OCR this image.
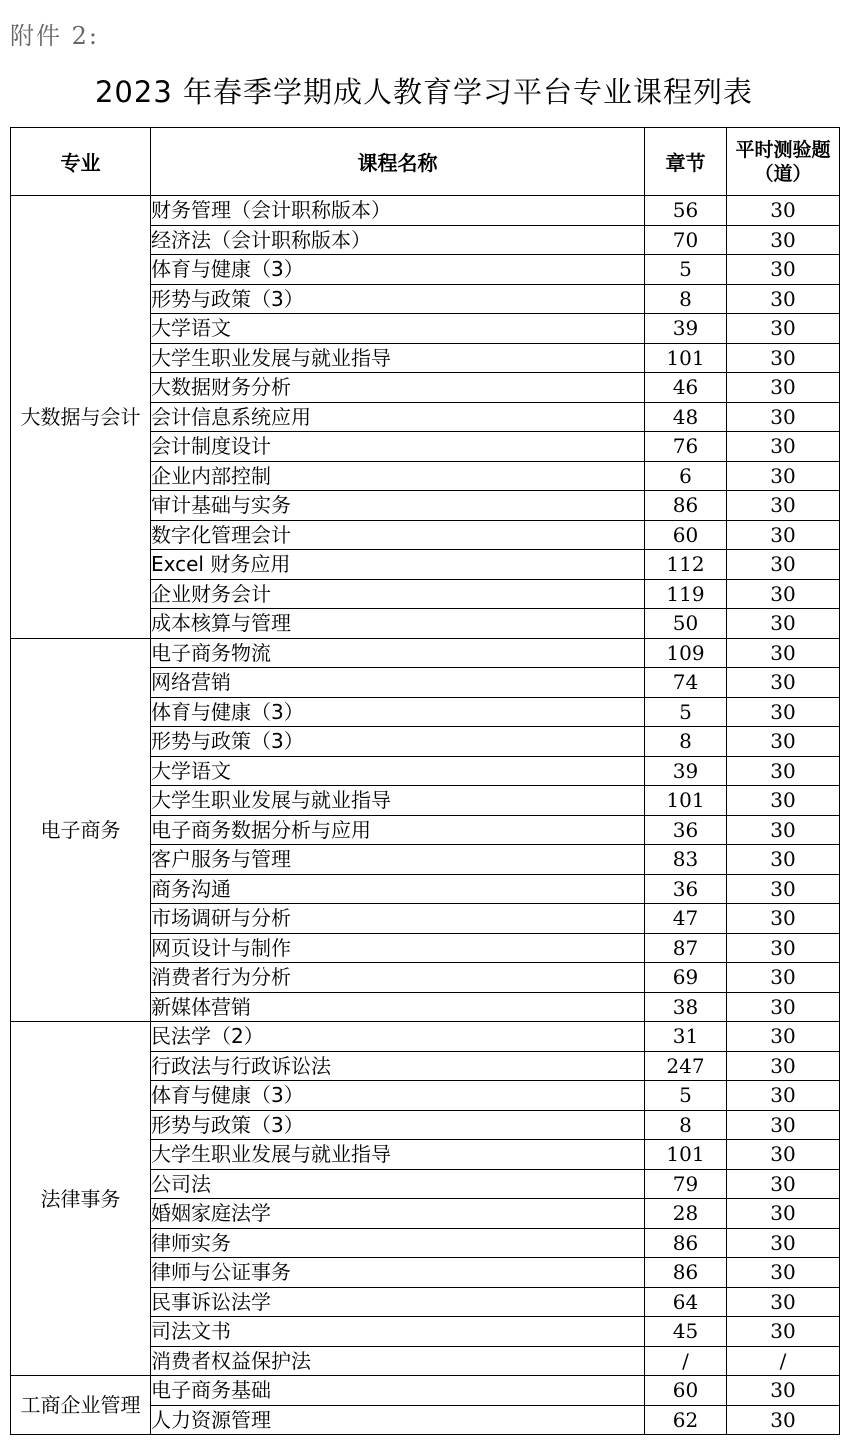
附件 2:
2023 年春季学期成人教育学习平台专业课程列表
专业	课程名称	章节	平时测验题（道）
大数据与会计	财务管理（会计职称版本）	56	30
	经济法（会计职称版本）	70	30
	体育与健康（3）	5	30
	形势与政策（3）	8	30
	大学语文	39	30
	大学生职业发展与就业指导	101	30
	大数据财务分析	46	30
	会计信息系统应用	48	30
	会计制度设计	76	30
	企业内部控制	6	30
	审计基础与实务	86	30
	数字化管理会计	60	30
	Excel 财务应用	112	30
	企业财务会计	119	30
	成本核算与管理	50	30
电子商务	电子商务物流	109	30
	网络营销	74	30
	体育与健康（3）	5	30
	形势与政策（3）	8	30
	大学语文	39	30
	大学生职业发展与就业指导	101	30
	电子商务数据分析与应用	36	30
	客户服务与管理	83	30
	商务沟通	36	30
	市场调研与分析	47	30
	网页设计与制作	87	30
	消费者行为分析	69	30
	新媒体营销	38	30
法律事务	民法学（2）	31	30
	行政法与行政诉讼法	247	30
	体育与健康（3）	5	30
	形势与政策（3）	8	30
	大学生职业发展与就业指导	101	30
	公司法	79	30
	婚姻家庭法学	28	30
	律师实务	86	30
	律师与公证事务	86	30
	民事诉讼法学	64	30
	司法文书	45	30
	消费者权益保护法	/	/
工商企业管理	电子商务基础	60	30
	人力资源管理	62	30
